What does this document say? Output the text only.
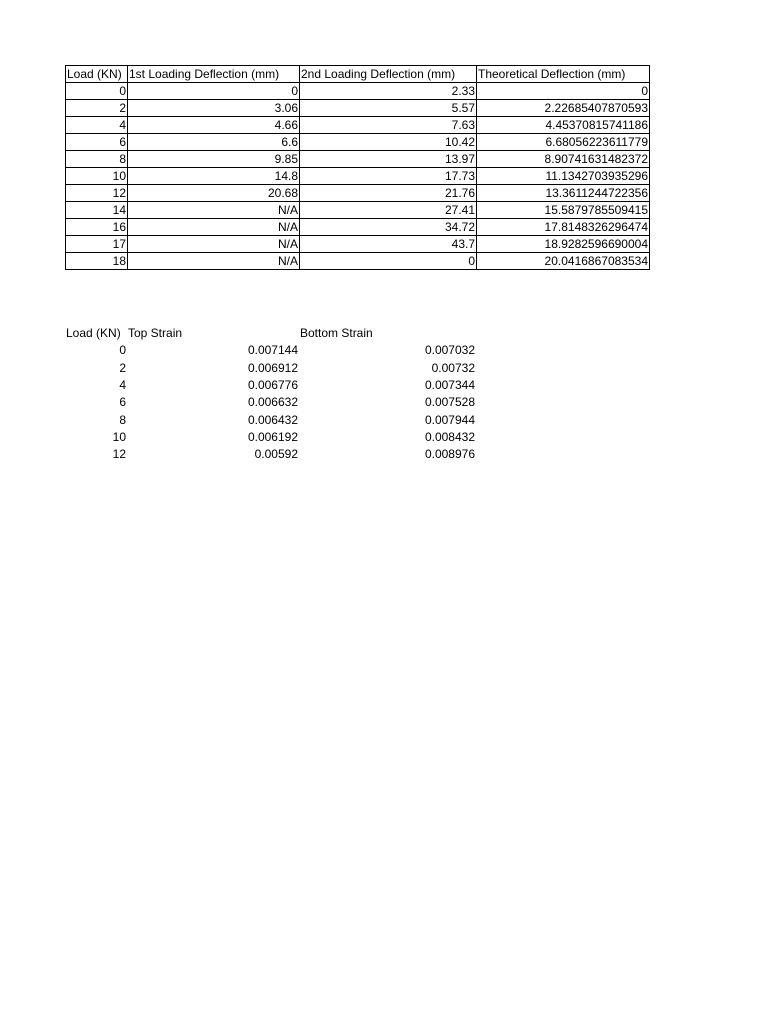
Load (KN)	1st Loading Deflection (mm)	2nd Loading Deflection (mm)	Theoretical Deflection (mm)
0	0	2.33	0
2	3.06	5.57	2.22685407870593
4	4.66	7.63	4.45370815741186
6	6.6	10.42	6.68056223611779
8	9.85	13.97	8.90741631482372
10	14.8	17.73	11.1342703935296
12	20.68	21.76	13.3611244722356
14	N/A	27.41	15.5879785509415
16	N/A	34.72	17.8148326296474
17	N/A	43.7	18.9282596690004
18	N/A	0	20.0416867083534
Load (KN)	Top Strain	Bottom Strain
0	0.007144	0.007032
2	0.006912	0.00732
4	0.006776	0.007344
6	0.006632	0.007528
8	0.006432	0.007944
10	0.006192	0.008432
12	0.00592	0.008976
